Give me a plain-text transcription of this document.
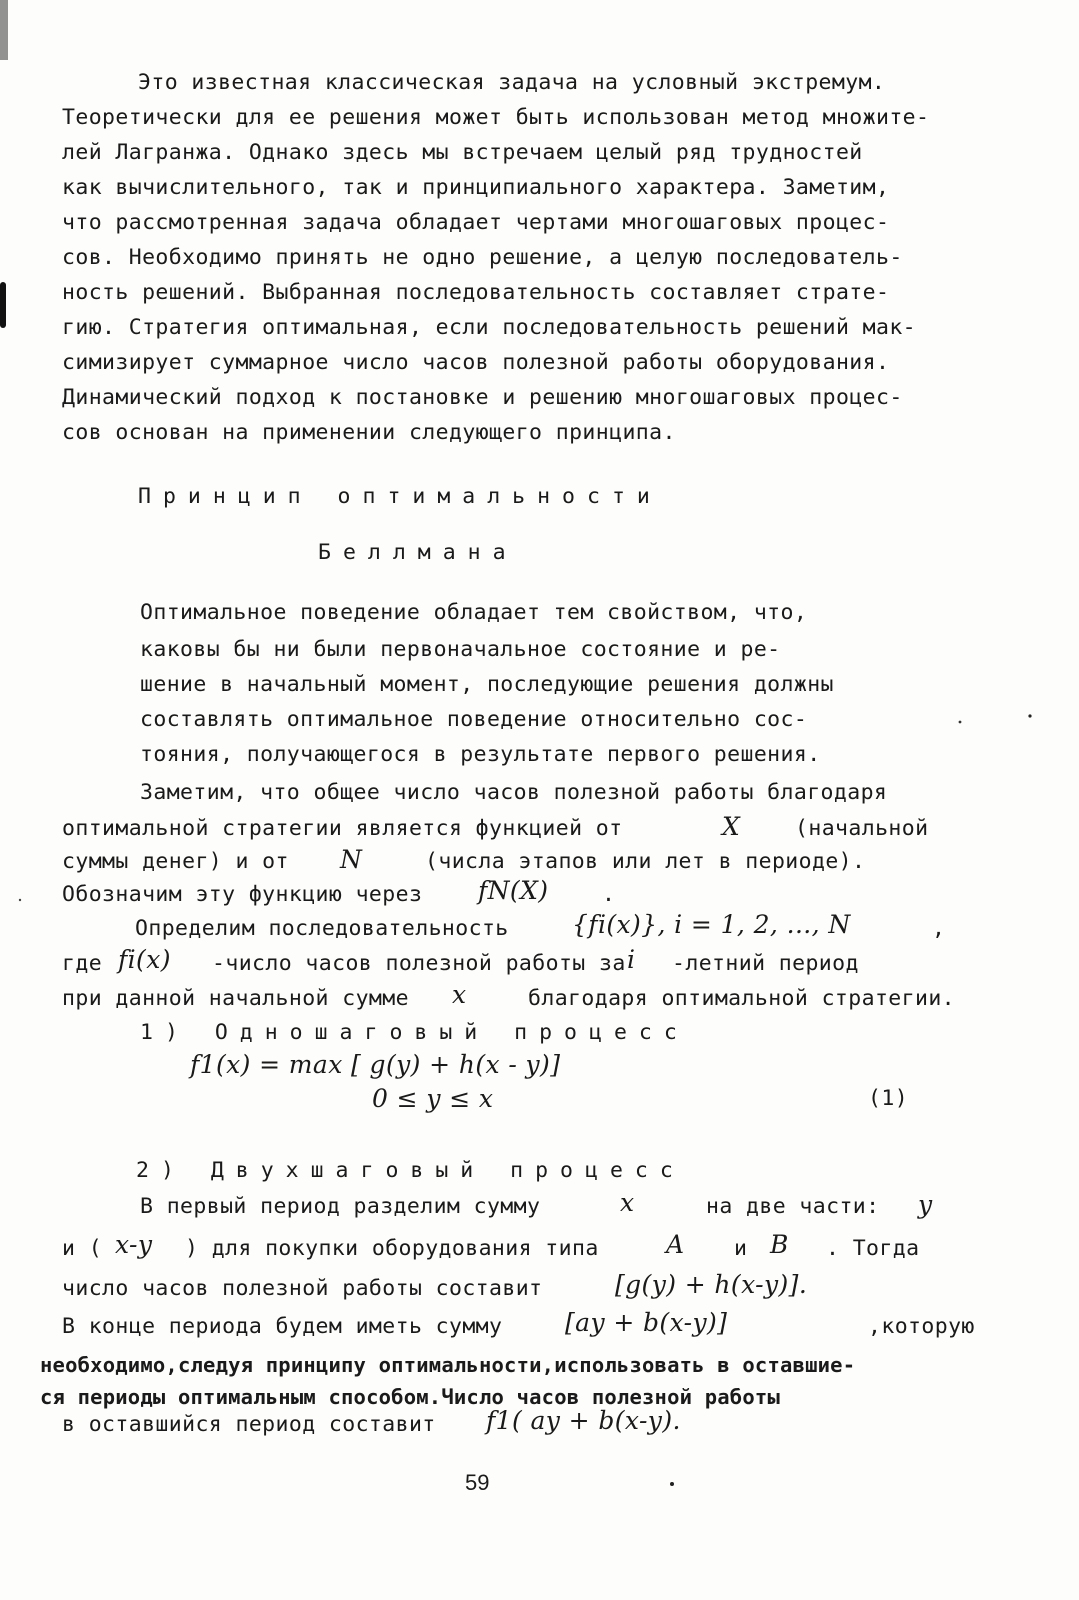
Это известная классическая задача на условный экстремум.
Теоретически для ее решения может быть использован метод множите-
лей Лагранжа. Однако здесь мы встречаем целый ряд трудностей
как вычислительного, так и принципиального характера. Заметим,
что рассмотренная задача обладает чертами многошаговых процес-
сов. Необходимо принять не одно решение, а целую последователь-
ность решений. Выбранная последовательность составляет страте-
гию. Стратегия оптимальная, если последовательность решений мак-
симизирует суммарное число часов полезной работы оборудования.
Динамический подход к постановке и решению многошаговых процес-
сов основан на применении следующего принципа.
Принцип оптимальности
Беллмана
Оптимальное поведение обладает тем свойством, что,
каковы бы ни были первоначальное состояние и ре-
шение в начальный момент, последующие решения должны
составлять оптимальное поведение относительно сос-
тояния, получающегося в результате первого решения.
Заметим, что общее число часов полезной работы благодаря
оптимальной стратегии является функцией от	X	(начальной
суммы денег) и от N	(числа этапов или лет в периоде).
Обозначим эту функцию через fN(X) .
Определим последовательность	{fi(x)}, i = 1, 2, ..., N	,
где fi(x) -число часов полезной работы за i -летний период
при данной начальной сумме x	благодаря оптимальной стратегии.
1) Одношаговый процесс
f1(x) = max [ g(y) + h(x - y)]
0 ≤ y ≤ x	(1)
2) Двухшаговый процесс
В первый период разделим сумму	x	на две части: y
и ( x-y ) для покупки оборудования типа	A и B . Тогда
число часов полезной работы составит	[g(y) + h(x-y)].
В конце периода будем иметь сумму	[ay + b(x-y)]	,которую
необходимо,следуя принципу оптимальности,использовать в оставшие-
ся периоды оптимальным способом.Число часов полезной работы
в оставшийся период составит f1( ay + b(x-y).
59
